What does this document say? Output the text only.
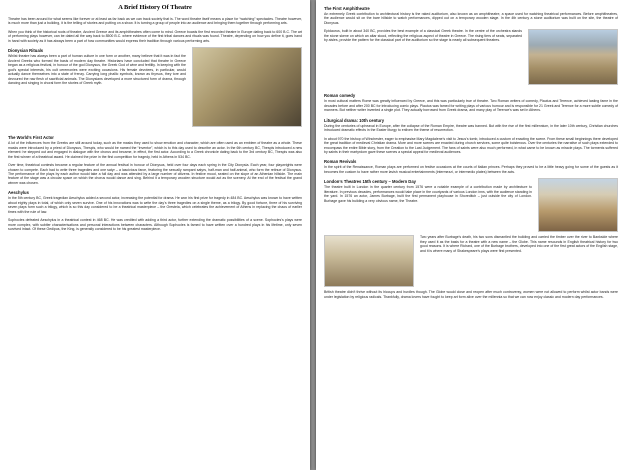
A Brief History Of Theatre

Theatre has been around for what seems like forever or at least as far back as we can track society that is. The word theatre itself means a place for “watching” spectacles. Theatre however, is much more than just a building, it is the telling of stories and putting on a show. It is turning a group of people into an audience and bringing them together through performing arts.

When you think of the historical roots of theatre, Ancient Greece and its amphitheatres often come to mind. Greece boasts the first recorded theatre in Europe dating back to 600 B.C. The art of performing plays however, can be dated all the way back to 8500 B.C. where evidence of the first tribal dances and rituals was found. Theatre, depending on how you define it, goes hand in hand with society as it has always been a part of how communities would express their tradition through various performing arts.

Dionysian Rituals

Whilst theatre has always been a part of human culture in one form or another, many believe that it was in fact the Ancient Greeks who formed the basis of modern day theatre. Historians have concluded that theatre in Greece began as a religious festival, in honour of the god Dionysus, the Greek God of wine and fertility. In keeping with the god’s special interests, his cult ceremonies were exciting occasions. His female devotees, in particular, would actually dance themselves into a state of frenzy. Carrying long phallic symbols, known as thyrsus, they tore and devoured the raw flesh of sacrificial animals. The Dionysians developed a more structured form of drama, through dancing and singing in choral form the stories of Greek myth.

The World’s First Actor

A lot of the influences from the Greeks are still around today, such as the masks they used to show emotion and character, which are often used as an emblem of theatre as a whole. These masks were introduced by a priest of Dionysus, Thespis, who would be named the “inventor”, which is to this day used to describe an actor. In the 6th century BC, Thespis introduced a new element: he stepped out and engaged in dialogue with the chorus and became, in effect, the first actor. According to a Greek chronicle dating back to the 3rd century BC, Thespis was also the first winner of a theatrical award. He claimed the prize in the first competition for tragedy, held in Athens in 534 BC.

Over time, theatrical contests became a regular feature of the annual festival in honour of Dionysus, held over four days each spring in the City Dionysia. Each year, four playwrights were chosen to compete. Each had to write three tragedies and one satyr – a lascivious farce, featuring the sexually rampant satyrs, half-man and half-animal, who form the retinue of Dionysus. The performance of the plays by each author would take a full day and was attended by a large number of citizens. In festive mood, seated on the slope of an Athenian hillside. The main feature of the stage was a circular space on which the chorus would dance and sing. Behind it a temporary wooden structure would act as the scenery. At the end of the festival the grand winner was chosen.

Aeschylus

In the 5th century BC, Greek tragedian Aeschylus added a second actor, increasing the potential for drama. He won his first prize for tragedy in 484 BC. Aeschylus was known to have written about eighty plays in total, of which only seven survive. One of his innovations was to write the day’s three tragedies on a single theme, as a trilogy. By good fortune, three of his surviving seven plays form such a trilogy, which is so this day considered to be a theatrical masterpiece – the Oresteia, which celebrates the achievement of Athens in replacing the chaos of earlier times with the rule of law.

Sophocles defeated Aeschylus in a theatrical contest in 468 BC. He was credited with adding a third actor, further extending the dramatic possibilities of a scene. Sophocles’s plays were more complex, with subtler characterisations and personal interactions between characters. Although Sophocles is famed to have written over a hundred plays in his lifetime, only seven survived intact. Of these Oedipus, the King, is generally considered to be his greatest masterpiece.

The First Amphitheatre

An extremely Greek contribution to architectural history is the raked auditorium, also known as an amphitheatre, a space used for watching theatrical performances. Before amphitheatres, the audience would sit on the bare hillside to watch performances, dipped out on a temporary wooden stage. In the 4th century a stone auditorium was built on the site, the theatre of Dionysus.

Epidaurus, built in about 340 BC, provides the best example of a classical Greek theatre. In the centre of the orchestra stands the stone skene on which an altar stood, reflecting the religious aspect of theatre in Greece. The rising tiers of seats, separated by aisles, provide the pattern for the classical part of the auditorium so the stage is nearly all subsequent theatres.

Roman comedy

In most cultural matters Rome was greatly influenced by Greece, and this was particularly true of theatre. Two Roman writers of comedy, Plautus and Terence, achieved lasting fame in the decades before and after 200 BC for introducing comic plays. Plautus was famed for writing plays of various humour and is responsible for 21 Greek and Terence for a more subtle comedy of manners. But neither writer invented a single plot. They actually borrowed from Greek drama, and many play of Terence’s was set in Athens.

Liturgical drama: 10th century

During the centuries of upheaval in Europe, after the collapse of the Roman Empire, theatre was banned. But with the rise of the first millennium, in the later 10th century, Christian churches introduced dramatic effects in the Easter liturgy to enliven the theme of resurrection.

In about 970 the bishop of Winchester, eager to emphasise Mary Magdalene’s visit to Jesus’s tomb, introduced a custom of enacting the scene. From these small beginnings there developed the great tradition of medieval Christian drama. More and more scenes are enacted during church services, some quite boisterous. Over the centuries the narrative of such plays extended to encompass the entire Bible story, from the Creation to the Last Judgement. The fans of saints were also much performed, in what came to be known as miracle plays. The torments suffered by saints in their martyrdom gave these scenes a special appeal for medieval audiences.

Roman Revivals

In the spirit of the Renaissance, Roman plays are performed on festive occasions at the courts of Italian princes. Perhaps they proved to be a little heavy going for some of the guests as it becomes the custom to have rather more lavish musical entertainments (intermezzi, or intermedio plates) between the acts.

London’s Theatres 15th century – Modern Day

The theatre built in London in the quarter century from 1576 were a notable example of a contribution made by architecture to literature. In previous decades, performances would take place in the courtyards of various London inns, with the audience standing in the yard. In 1576 an actor, James Burbage, built the first permanent playhouse in Shoreditch – just outside the city of London. Burbage gave his building a very obvious name, the Theatre.

Two years after Burbage’s death, his two sons dismantled the building and carried the timber over the river to Bankside where they used it as the basis for a theatre with a new name – the Globe. This name resounds in English theatrical history for two good reasons. It is where Richard, one of the Burbage brothers, developed into one of the first great actors of the English stage, and it is where many of Shakespeare’s plays were first presented.

British theatre didn’t thrive without its hiccups and hurdles though. The Globe would close and reopen after much controversy, women were not allowed to perform whilst actor bands were under legislation by religious radicals. Thankfully, drama lovers have fought to keep art form alive over the millennia so that we can now enjoy classic and modern day performances.
